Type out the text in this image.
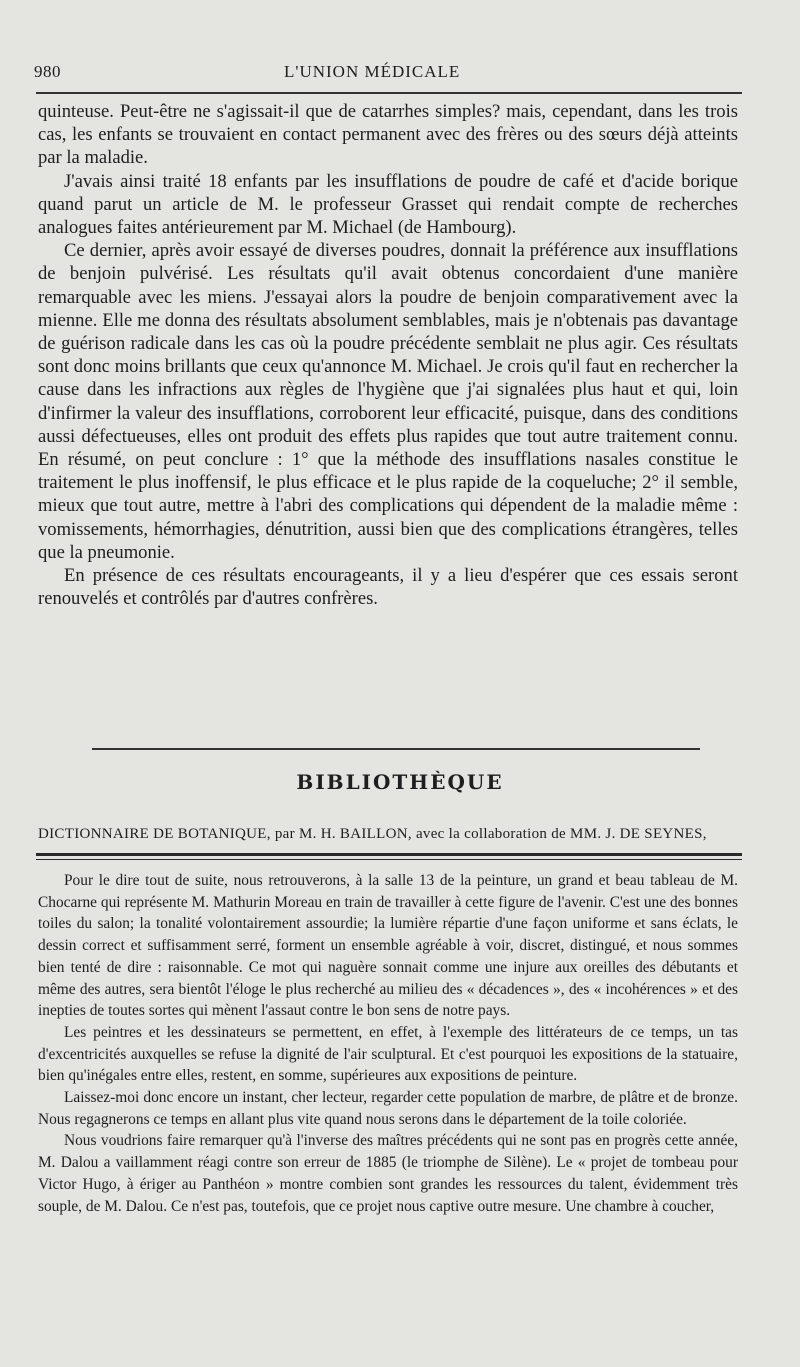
980	L'UNION MÉDICALE

quinteuse. Peut-être ne s'agissait-il que de catarrhes simples? mais, cependant, dans les trois cas, les enfants se trouvaient en contact permanent avec des frères ou des sœurs déjà atteints par la maladie.

J'avais ainsi traité 18 enfants par les insufflations de poudre de café et d'acide borique quand parut un article de M. le professeur Grasset qui rendait compte de recherches analogues faites antérieurement par M. Michael (de Hambourg).

Ce dernier, après avoir essayé de diverses poudres, donnait la préférence aux insufflations de benjoin pulvérisé. Les résultats qu'il avait obtenus concordaient d'une manière remarquable avec les miens. J'essayai alors la poudre de benjoin comparativement avec la mienne. Elle me donna des résultats absolument semblables, mais je n'obtenais pas davantage de guérison radicale dans les cas où la poudre précédente semblait ne plus agir. Ces résultats sont donc moins brillants que ceux qu'annonce M. Michael. Je crois qu'il faut en rechercher la cause dans les infractions aux règles de l'hygiène que j'ai signalées plus haut et qui, loin d'infirmer la valeur des insufflations, corroborent leur efficacité, puisque, dans des conditions aussi défectueuses, elles ont produit des effets plus rapides que tout autre traitement connu. En résumé, on peut conclure : 1° que la méthode des insufflations nasales constitue le traitement le plus inoffensif, le plus efficace et le plus rapide de la coqueluche; 2° il semble, mieux que tout autre, mettre à l'abri des complications qui dépendent de la maladie même : vomissements, hémorrhagies, dénutrition, aussi bien que des complications étrangères, telles que la pneumonie.

En présence de ces résultats encourageants, il y a lieu d'espérer que ces essais seront renouvelés et contrôlés par d'autres confrères.

BIBLIOTHÈQUE
DICTIONNAIRE DE BOTANIQUE, par M. H. BAILLON, avec la collaboration de MM. J. DE SEYNES,

Pour le dire tout de suite, nous retrouverons, à la salle 13 de la peinture, un grand et beau tableau de M. Chocarne qui représente M. Mathurin Moreau en train de travailler à cette figure de l'avenir. C'est une des bonnes toiles du salon; la tonalité volontairement assourdie; la lumière répartie d'une façon uniforme et sans éclats, le dessin correct et suffisamment serré, forment un ensemble agréable à voir, discret, distingué, et nous sommes bien tenté de dire : raisonnable. Ce mot qui naguère sonnait comme une injure aux oreilles des débutants et même des autres, sera bientôt l'éloge le plus recherché au milieu des « décadences », des « incohérences » et des inepties de toutes sortes qui mènent l'assaut contre le bon sens de notre pays.

Les peintres et les dessinateurs se permettent, en effet, à l'exemple des littérateurs de ce temps, un tas d'excentricités auxquelles se refuse la dignité de l'air sculptural. Et c'est pourquoi les expositions de la statuaire, bien qu'inégales entre elles, restent, en somme, supérieures aux expositions de peinture.

Laissez-moi donc encore un instant, cher lecteur, regarder cette population de marbre, de plâtre et de bronze. Nous regagnerons ce temps en allant plus vite quand nous serons dans le département de la toile coloriée.

Nous voudrions faire remarquer qu'à l'inverse des maîtres précédents qui ne sont pas en progrès cette année, M. Dalou a vaillamment réagi contre son erreur de 1885 (le triomphe de Silène). Le « projet de tombeau pour Victor Hugo, à ériger au Panthéon » montre combien sont grandes les ressources du talent, évidemment très souple, de M. Dalou. Ce n'est pas, toutefois, que ce projet nous captive outre mesure. Une chambre à coucher,
